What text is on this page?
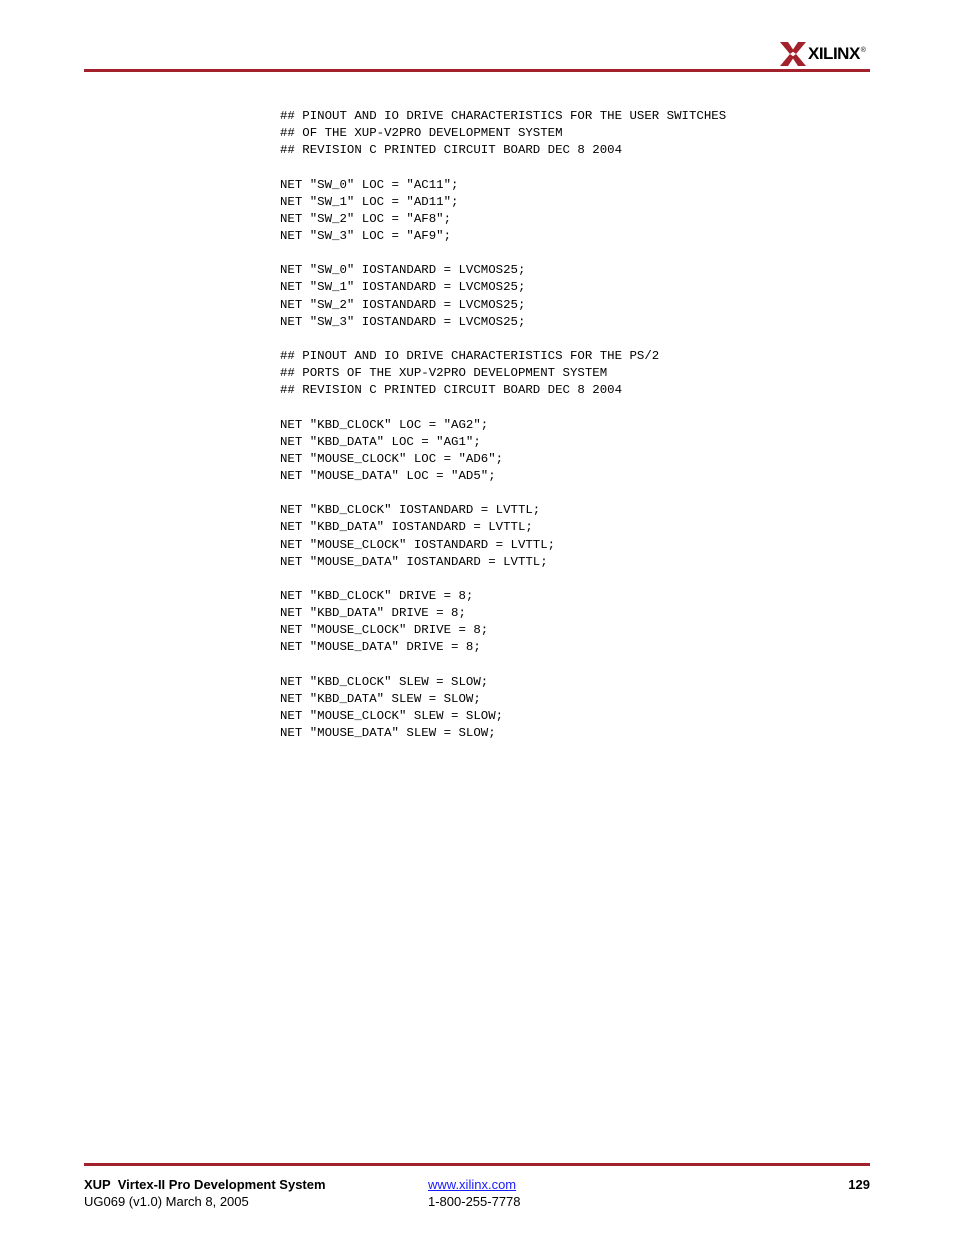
XILINX ®
## PINOUT AND IO DRIVE CHARACTERISTICS FOR THE USER SWITCHES
## OF THE XUP-V2PRO DEVELOPMENT SYSTEM
## REVISION C PRINTED CIRCUIT BOARD DEC 8 2004
NET "SW_0" LOC = "AC11";
NET "SW_1" LOC = "AD11";
NET "SW_2" LOC = "AF8";
NET "SW_3" LOC = "AF9";
NET "SW_0" IOSTANDARD = LVCMOS25;
NET "SW_1" IOSTANDARD = LVCMOS25;
NET "SW_2" IOSTANDARD = LVCMOS25;
NET "SW_3" IOSTANDARD = LVCMOS25;
## PINOUT AND IO DRIVE CHARACTERISTICS FOR THE PS/2
## PORTS OF THE XUP-V2PRO DEVELOPMENT SYSTEM
## REVISION C PRINTED CIRCUIT BOARD DEC 8 2004
NET "KBD_CLOCK" LOC = "AG2";
NET "KBD_DATA" LOC = "AG1";
NET "MOUSE_CLOCK" LOC = "AD6";
NET "MOUSE_DATA" LOC = "AD5";
NET "KBD_CLOCK" IOSTANDARD = LVTTL;
NET "KBD_DATA" IOSTANDARD = LVTTL;
NET "MOUSE_CLOCK" IOSTANDARD = LVTTL;
NET "MOUSE_DATA" IOSTANDARD = LVTTL;
NET "KBD_CLOCK" DRIVE = 8;
NET "KBD_DATA" DRIVE = 8;
NET "MOUSE_CLOCK" DRIVE = 8;
NET "MOUSE_DATA" DRIVE = 8;
NET "KBD_CLOCK" SLEW = SLOW;
NET "KBD_DATA" SLEW = SLOW;
NET "MOUSE_CLOCK" SLEW = SLOW;
NET "MOUSE_DATA" SLEW = SLOW;
XUP  Virtex-II Pro Development System
UG069 (v1.0) March 8, 2005
www.xilinx.com
1-800-255-7778
129
